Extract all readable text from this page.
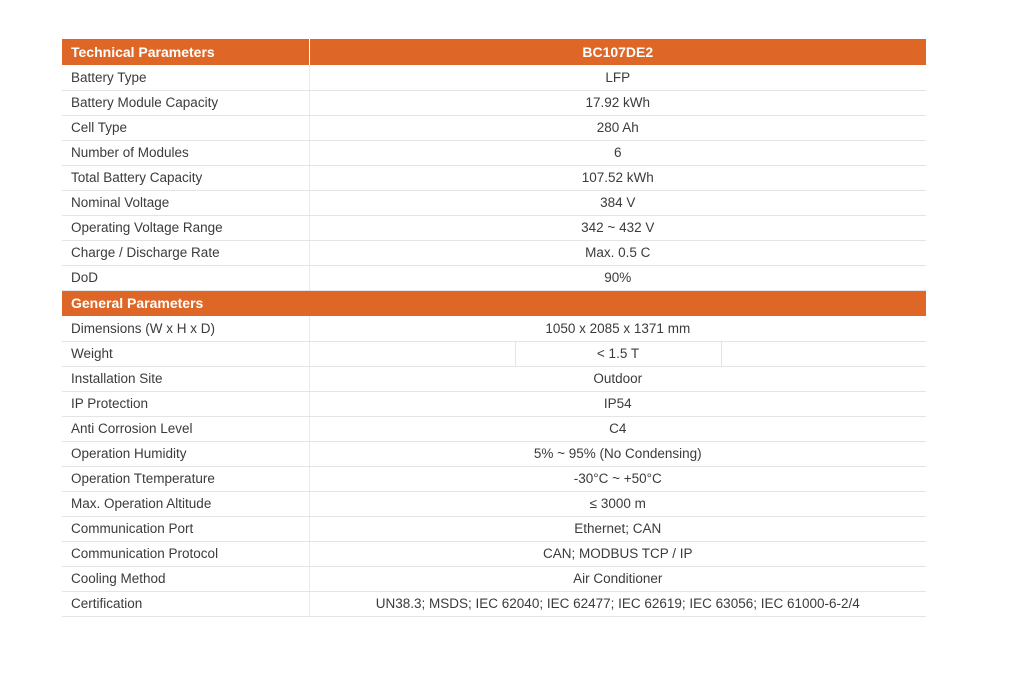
Technical Parameters	BC107DE2		
Battery Type	LFP		
Battery Module Capacity	17.92 kWh		
Cell Type	280 Ah		
Number of Modules	6		
Total Battery Capacity	107.52 kWh		
Nominal Voltage	384 V		
Operating Voltage Range	342 ~ 432 V		
Charge / Discharge Rate	Max. 0.5 C		
DoD	90%		
General Parameters			
Dimensions (W x H x D)	1050 x 2085 x 1371 mm		
Weight		< 1.5 T	
Installation Site	Outdoor		
IP Protection	IP54		
Anti Corrosion Level	C4		
Operation Humidity	5% ~ 95% (No Condensing)		
Operation Ttemperature	-30°C ~ +50°C		
Max. Operation Altitude	≤ 3000 m		
Communication Port	Ethernet; CAN		
Communication Protocol	CAN; MODBUS TCP / IP		
Cooling Method	Air Conditioner		
Certification	UN38.3; MSDS; IEC 62040; IEC 62477; IEC 62619; IEC 63056; IEC 61000-6-2/4		
